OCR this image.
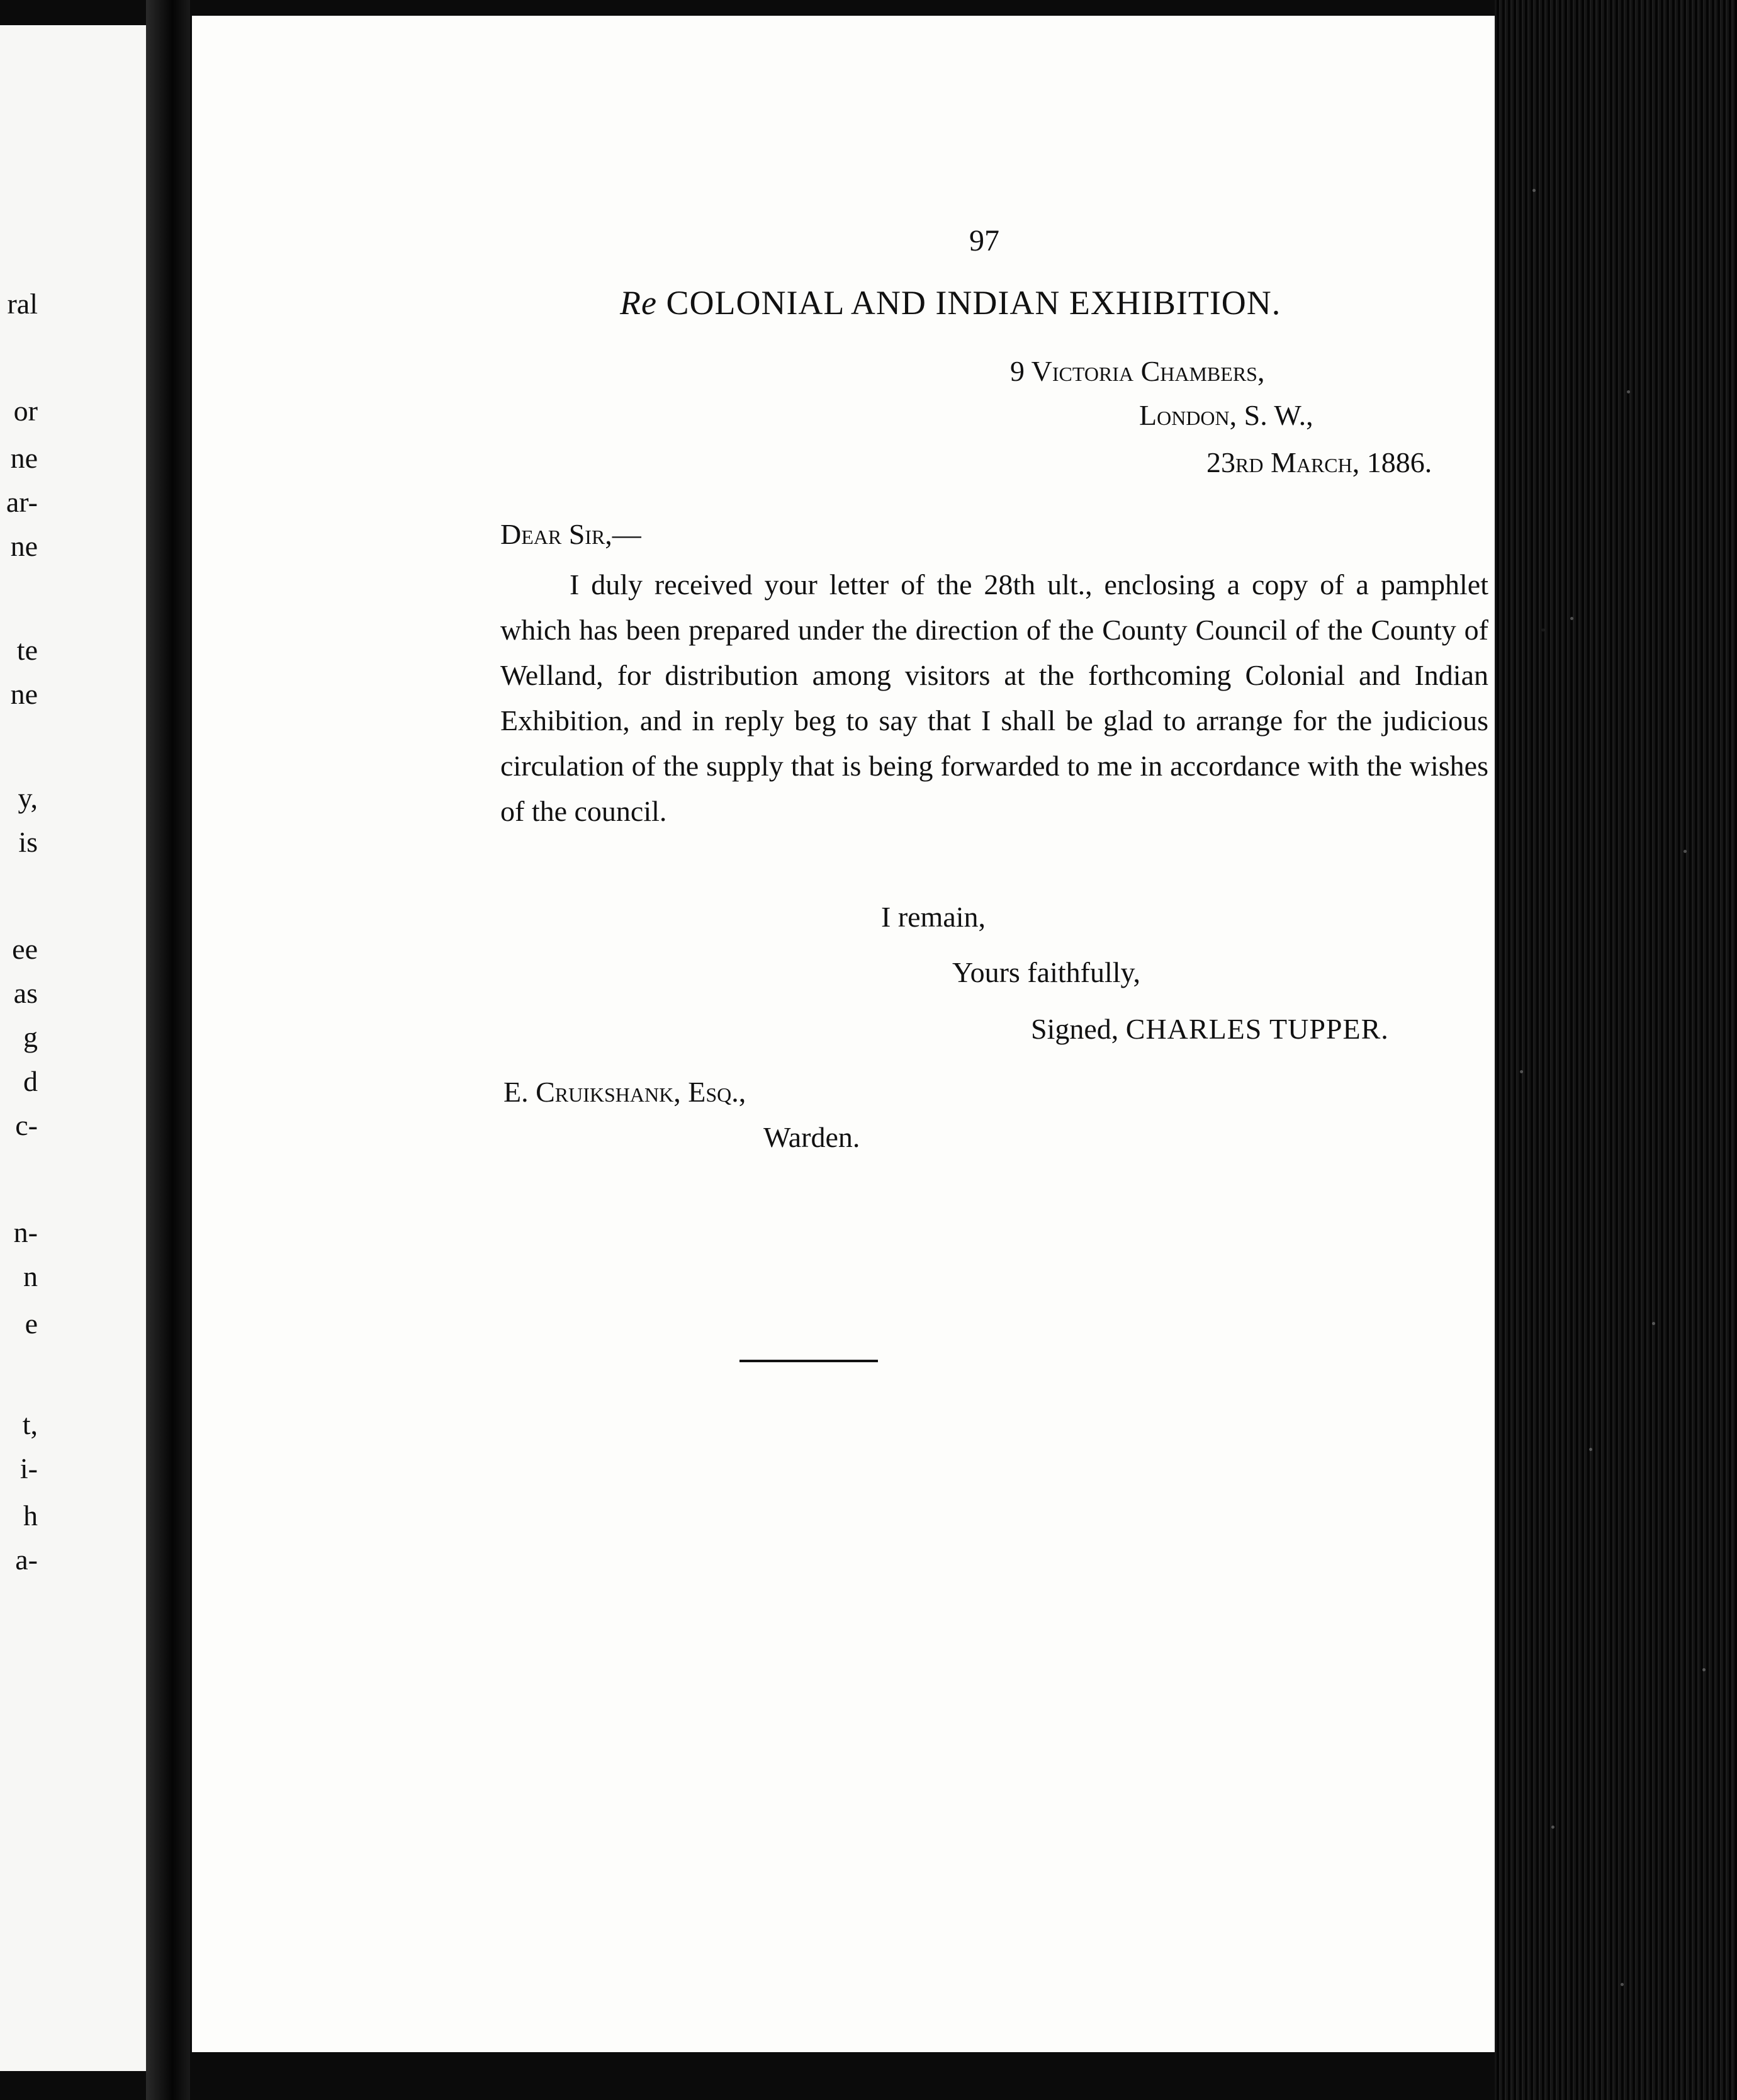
ral
or
ne
ar-
ne
te
ne
y,
is
ee
as
g
d
c-
n-
n
e
t,
i-
h
a-
97
Re COLONIAL AND INDIAN EXHIBITION.
9 Victoria Chambers,
London, S. W.,
23rd March, 1886.
Dear Sir,—
I duly received your letter of the 28th ult., enclosing a copy of a pamphlet which has been prepared under the direction of the County Council of the County of Welland, for distribution among visitors at the forthcoming Colonial and Indian Exhibition, and in reply beg to say that I shall be glad to arrange for the judicious circulation of the supply that is being forwarded to me in accordance with the wishes of the council.
I remain,
Yours faithfully,
Signed, CHARLES TUPPER.
E. Cruikshank, Esq.,
Warden.
